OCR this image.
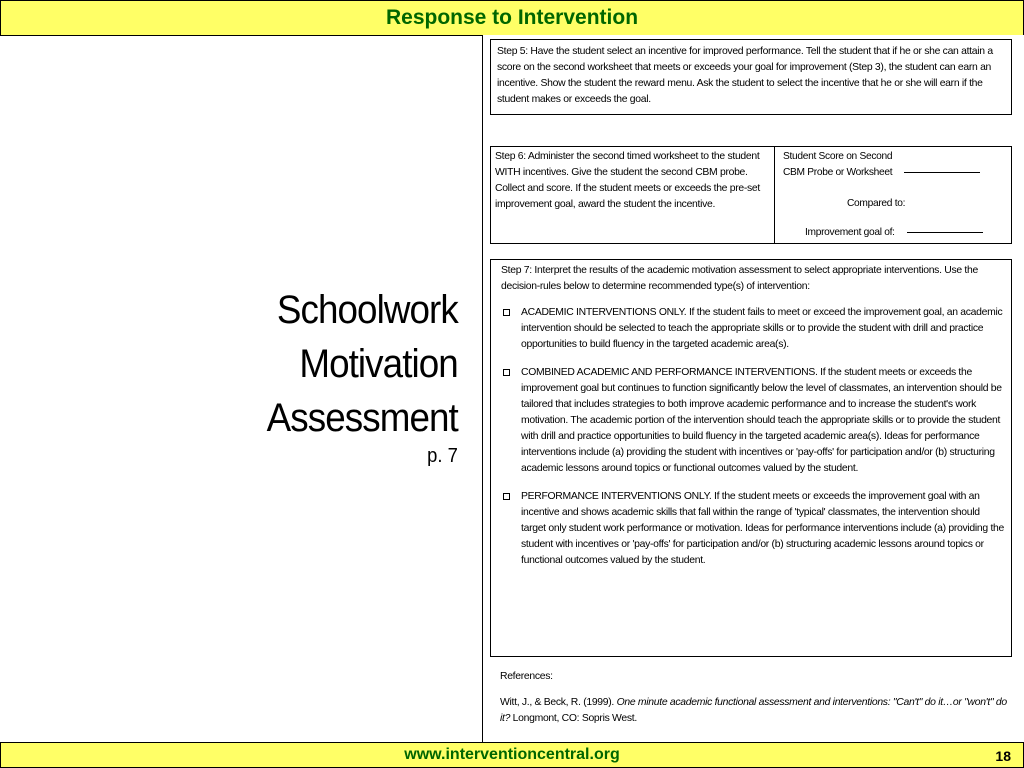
Response to Intervention
Schoolwork
Motivation
Assessment
p. 7

Step 5: Have the student select an incentive for improved performance. Tell the student that if he or she can attain a score on the second worksheet that meets or exceeds your goal for improvement (Step 3), the student can earn an incentive. Show the student the reward menu. Ask the student to select the incentive that he or she will earn if the student makes or exceeds the goal.

Step 6: Administer the second timed worksheet to the student WITH incentives. Give the student the second CBM probe. Collect and score. If the student meets or exceeds the pre-set improvement goal, award the student the incentive.

Student Score on Second
CBM Probe or Worksheet
Compared to:
Improvement goal of:

Step 7: Interpret the results of the academic motivation assessment to select appropriate interventions. Use the decision-rules below to determine recommended type(s) of intervention:

ACADEMIC INTERVENTIONS ONLY. If the student fails to meet or exceed the improvement goal, an academic intervention should be selected to teach the appropriate skills or to provide the student with drill and practice opportunities to build fluency in the targeted academic area(s).

COMBINED ACADEMIC AND PERFORMANCE INTERVENTIONS. If the student meets or exceeds the improvement goal but continues to function significantly below the level of classmates, an intervention should be tailored that includes strategies to both improve academic performance and to increase the student's work motivation. The academic portion of the intervention should teach the appropriate skills or to provide the student with drill and practice opportunities to build fluency in the targeted academic area(s). Ideas for performance interventions include (a) providing the student with incentives or 'pay-offs' for participation and/or (b) structuring academic lessons around topics or functional outcomes valued by the student.

PERFORMANCE INTERVENTIONS ONLY. If the student meets or exceeds the improvement goal with an incentive and shows academic skills that fall within the range of 'typical' classmates, the intervention should target only student work performance or motivation. Ideas for performance interventions include (a) providing the student with incentives or 'pay-offs' for participation and/or (b) structuring academic lessons around topics or functional outcomes valued by the student.

References:
Witt, J., & Beck, R. (1999). One minute academic functional assessment and interventions: "Can't" do it…or "won't" do it? Longmont, CO: Sopris West.
www.interventioncentral.org	18
